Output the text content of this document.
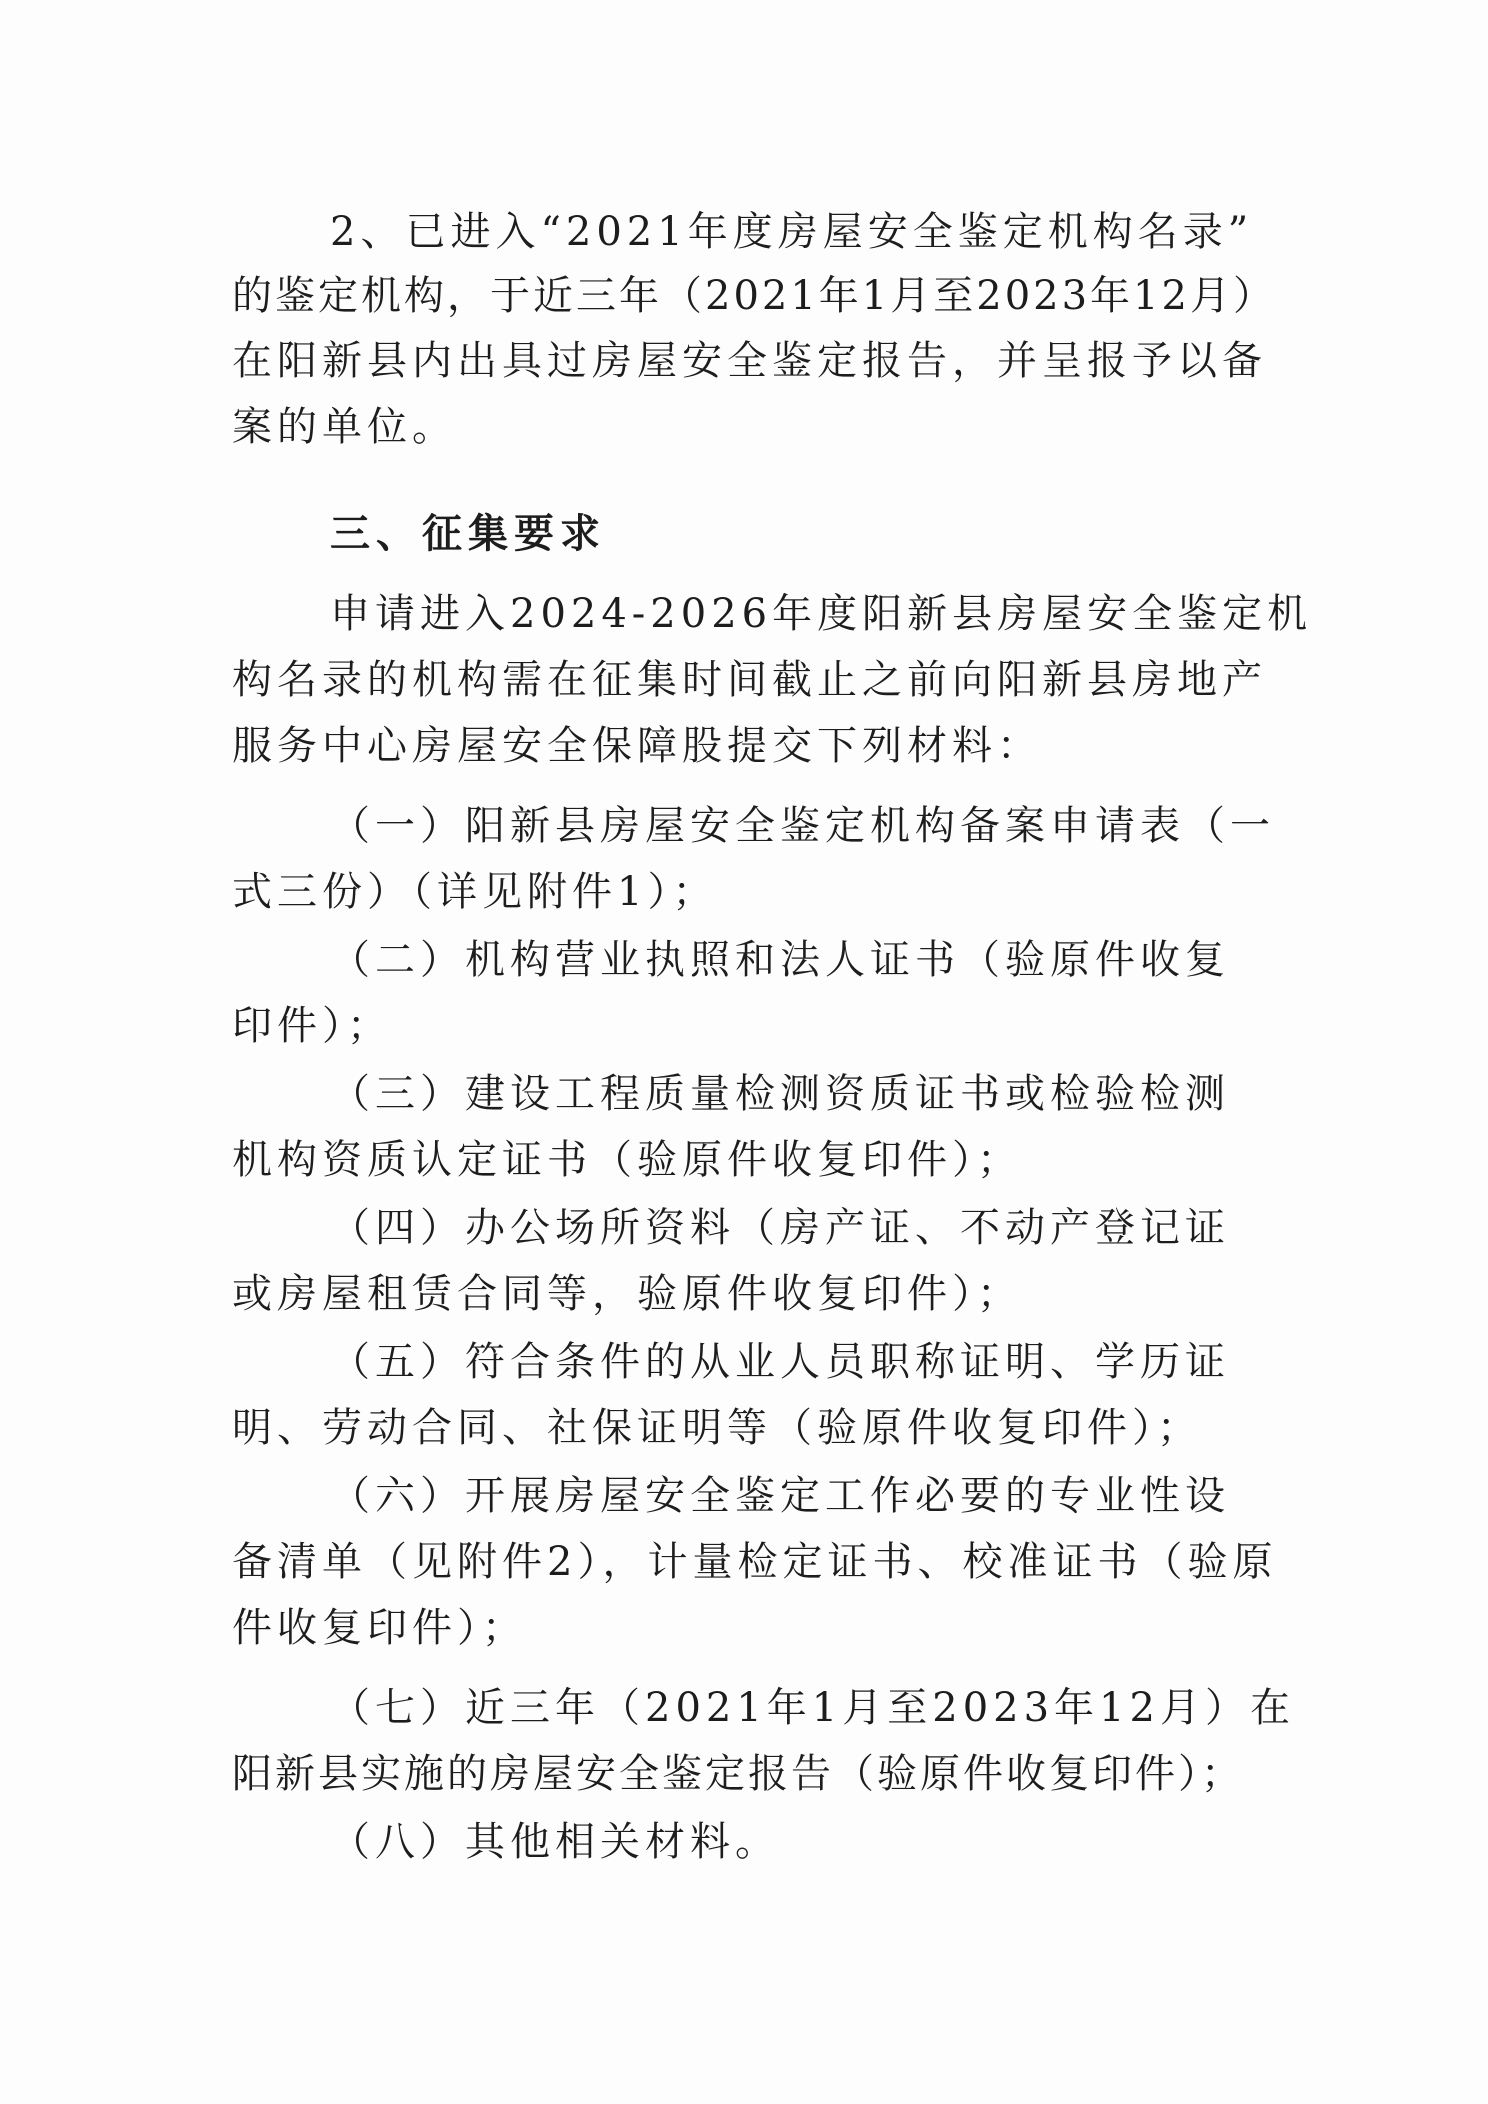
2、已进入“2021年度房屋安全鉴定机构名录”
的鉴定机构，于近三年（2021年1月至2023年12月）
在阳新县内出具过房屋安全鉴定报告，并呈报予以备
案的单位。
三、征集要求
申请进入2024-2026年度阳新县房屋安全鉴定机
构名录的机构需在征集时间截止之前向阳新县房地产
服务中心房屋安全保障股提交下列材料：
（一）阳新县房屋安全鉴定机构备案申请表（一
式三份）（详见附件1）；
（二）机构营业执照和法人证书（验原件收复
印件）；
（三）建设工程质量检测资质证书或检验检测
机构资质认定证书（验原件收复印件）；
（四）办公场所资料（房产证、不动产登记证
或房屋租赁合同等，验原件收复印件）；
（五）符合条件的从业人员职称证明、学历证
明、劳动合同、社保证明等（验原件收复印件）；
（六）开展房屋安全鉴定工作必要的专业性设
备清单（见附件2），计量检定证书、校准证书（验原
件收复印件）；
（七）近三年（2021年1月至2023年12月）在
阳新县实施的房屋安全鉴定报告（验原件收复印件）；
（八）其他相关材料。
